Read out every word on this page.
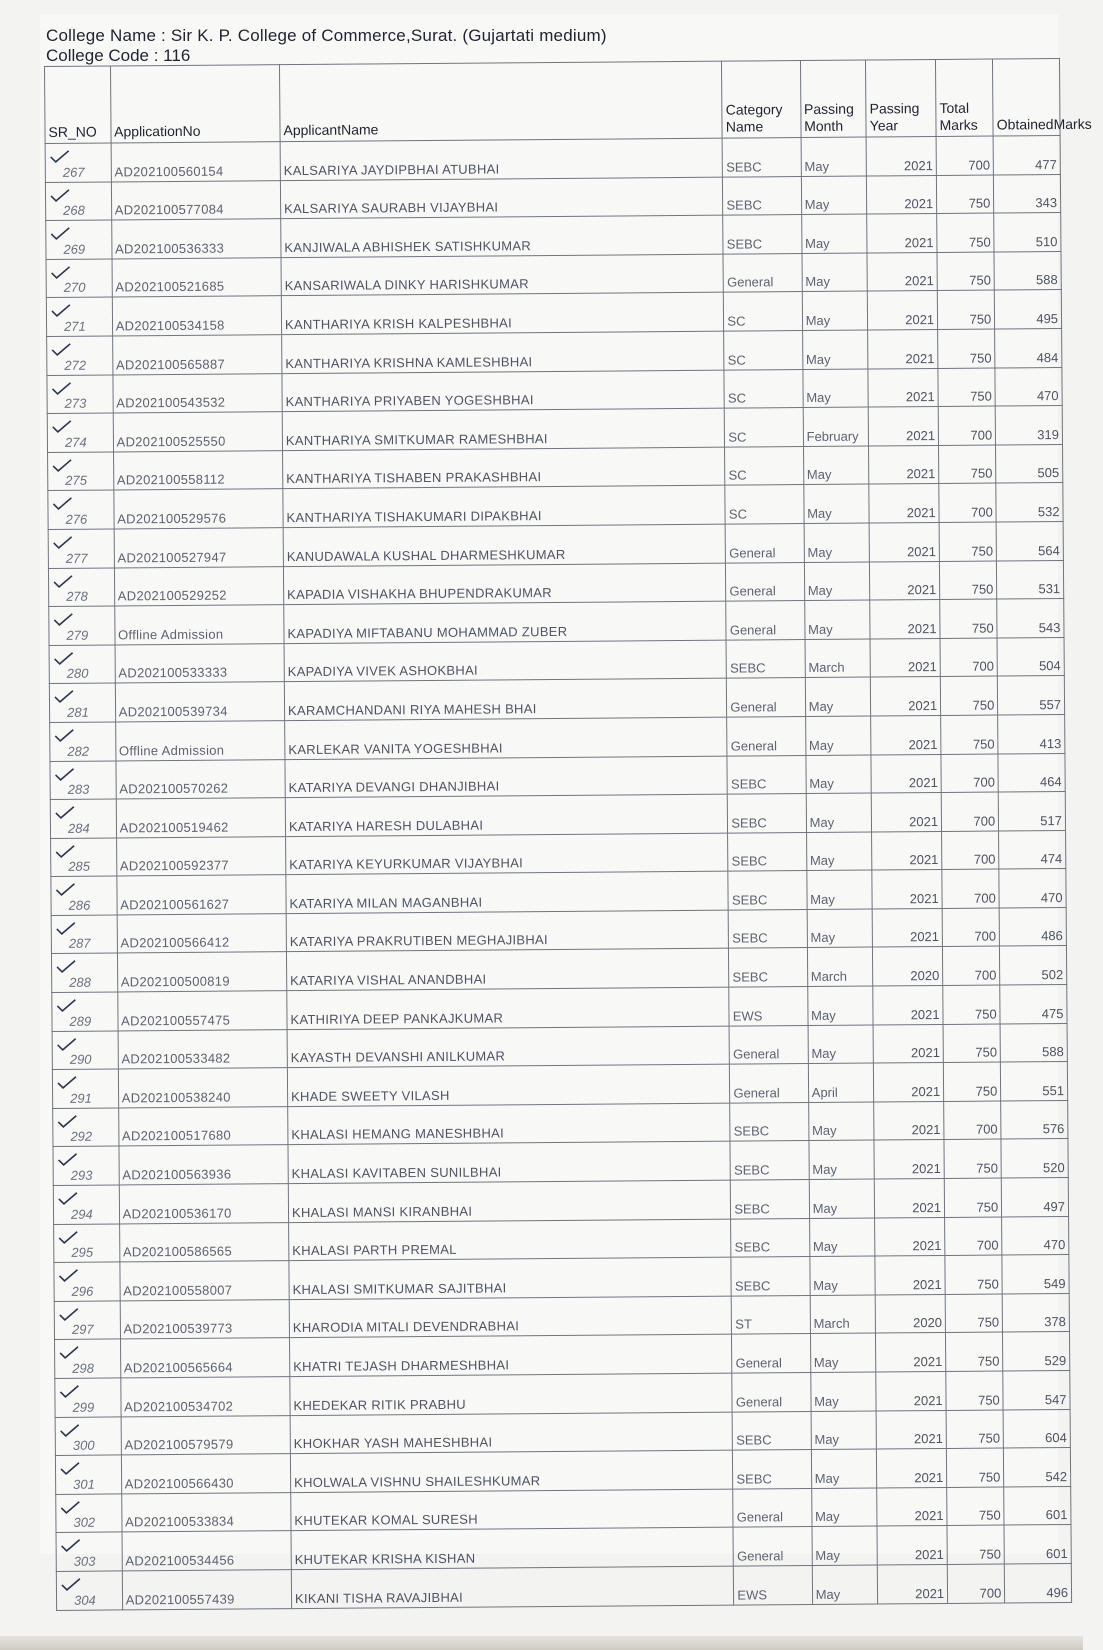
College Name : Sir K. P. College of Commerce,Surat. (Gujartati medium)
College Code : 116
SR_NO	ApplicationNo	ApplicantName	Category Name	Passing Month	Passing Year	Total Marks	ObtainedMarks

267	AD202100560154	KALSARIYA JAYDIPBHAI ATUBHAI	SEBC	May	2021	700	477

268	AD202100577084	KALSARIYA SAURABH VIJAYBHAI	SEBC	May	2021	750	343

269	AD202100536333	KANJIWALA ABHISHEK SATISHKUMAR	SEBC	May	2021	750	510

270	AD202100521685	KANSARIWALA DINKY HARISHKUMAR	General	May	2021	750	588

271	AD202100534158	KANTHARIYA KRISH KALPESHBHAI	SC	May	2021	750	495

272	AD202100565887	KANTHARIYA KRISHNA KAMLESHBHAI	SC	May	2021	750	484

273	AD202100543532	KANTHARIYA PRIYABEN YOGESHBHAI	SC	May	2021	750	470

274	AD202100525550	KANTHARIYA SMITKUMAR RAMESHBHAI	SC	February	2021	700	319

275	AD202100558112	KANTHARIYA TISHABEN PRAKASHBHAI	SC	May	2021	750	505

276	AD202100529576	KANTHARIYA TISHAKUMARI DIPAKBHAI	SC	May	2021	700	532

277	AD202100527947	KANUDAWALA KUSHAL DHARMESHKUMAR	General	May	2021	750	564

278	AD202100529252	KAPADIA VISHAKHA BHUPENDRAKUMAR	General	May	2021	750	531

279	Offline Admission	KAPADIYA MIFTABANU MOHAMMAD ZUBER	General	May	2021	750	543

280	AD202100533333	KAPADIYA VIVEK ASHOKBHAI	SEBC	March	2021	700	504

281	AD202100539734	KARAMCHANDANI RIYA MAHESH BHAI	General	May	2021	750	557

282	Offline Admission	KARLEKAR VANITA YOGESHBHAI	General	May	2021	750	413

283	AD202100570262	KATARIYA DEVANGI DHANJIBHAI	SEBC	May	2021	700	464

284	AD202100519462	KATARIYA HARESH DULABHAI	SEBC	May	2021	700	517

285	AD202100592377	KATARIYA KEYURKUMAR VIJAYBHAI	SEBC	May	2021	700	474

286	AD202100561627	KATARIYA MILAN MAGANBHAI	SEBC	May	2021	700	470

287	AD202100566412	KATARIYA PRAKRUTIBEN MEGHAJIBHAI	SEBC	May	2021	700	486

288	AD202100500819	KATARIYA VISHAL ANANDBHAI	SEBC	March	2020	700	502

289	AD202100557475	KATHIRIYA DEEP PANKAJKUMAR	EWS	May	2021	750	475

290	AD202100533482	KAYASTH DEVANSHI ANILKUMAR	General	May	2021	750	588

291	AD202100538240	KHADE SWEETY VILASH	General	April	2021	750	551

292	AD202100517680	KHALASI HEMANG MANESHBHAI	SEBC	May	2021	700	576

293	AD202100563936	KHALASI KAVITABEN SUNILBHAI	SEBC	May	2021	750	520

294	AD202100536170	KHALASI MANSI KIRANBHAI	SEBC	May	2021	750	497

295	AD202100586565	KHALASI PARTH PREMAL	SEBC	May	2021	700	470

296	AD202100558007	KHALASI SMITKUMAR SAJITBHAI	SEBC	May	2021	750	549

297	AD202100539773	KHARODIA MITALI DEVENDRABHAI	ST	March	2020	750	378

298	AD202100565664	KHATRI TEJASH DHARMESHBHAI	General	May	2021	750	529

299	AD202100534702	KHEDEKAR RITIK PRABHU	General	May	2021	750	547

300	AD202100579579	KHOKHAR YASH MAHESHBHAI	SEBC	May	2021	750	604

301	AD202100566430	KHOLWALA VISHNU SHAILESHKUMAR	SEBC	May	2021	750	542

302	AD202100533834	KHUTEKAR KOMAL SURESH	General	May	2021	750	601

303	AD202100534456	KHUTEKAR KRISHA KISHAN	General	May	2021	750	601

304	AD202100557439	KIKANI TISHA RAVAJIBHAI	EWS	May	2021	700	496
